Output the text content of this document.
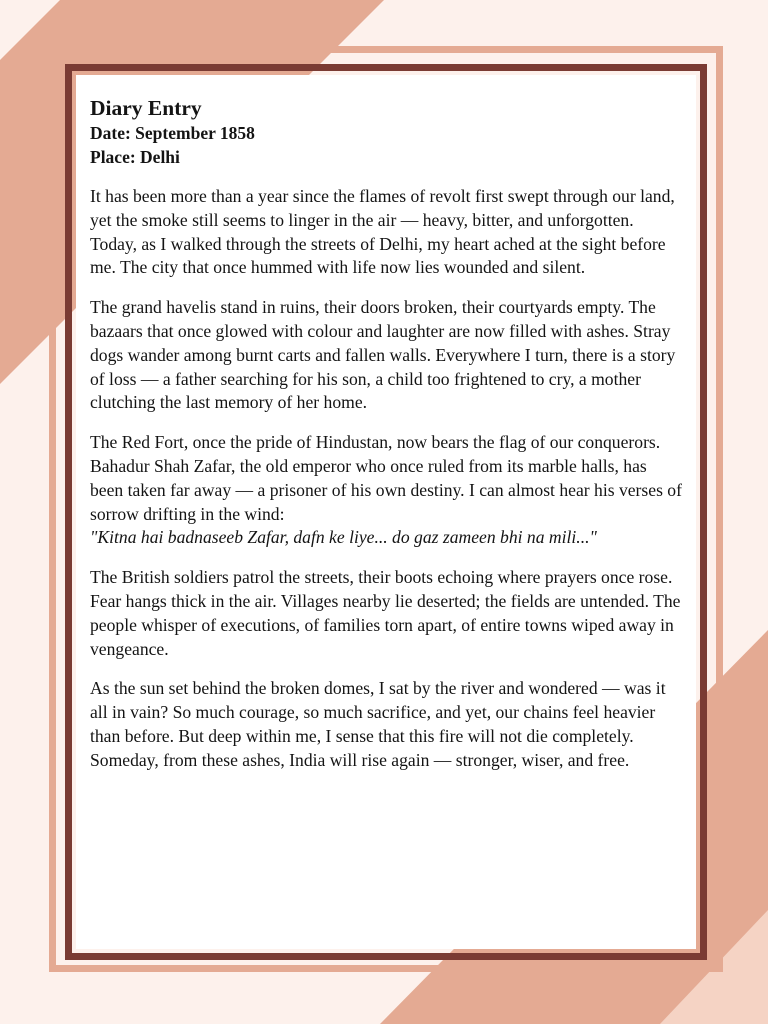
Diary Entry
Date: September 1858
Place: Delhi

It has been more than a year since the flames of revolt first swept through our land, yet the smoke still seems to linger in the air — heavy, bitter, and unforgotten. Today, as I walked through the streets of Delhi, my heart ached at the sight before me. The city that once hummed with life now lies wounded and silent.

The grand havelis stand in ruins, their doors broken, their courtyards empty. The bazaars that once glowed with colour and laughter are now filled with ashes. Stray dogs wander among burnt carts and fallen walls. Everywhere I turn, there is a story of loss — a father searching for his son, a child too frightened to cry, a mother clutching the last memory of her home.

The Red Fort, once the pride of Hindustan, now bears the flag of our conquerors. Bahadur Shah Zafar, the old emperor who once ruled from its marble halls, has been taken far away — a prisoner of his own destiny. I can almost hear his verses of sorrow drifting in the wind:
"Kitna hai badnaseeb Zafar, dafn ke liye... do gaz zameen bhi na mili..."

The British soldiers patrol the streets, their boots echoing where prayers once rose. Fear hangs thick in the air. Villages nearby lie deserted; the fields are untended. The people whisper of executions, of families torn apart, of entire towns wiped away in vengeance.

As the sun set behind the broken domes, I sat by the river and wondered — was it all in vain? So much courage, so much sacrifice, and yet, our chains feel heavier than before. But deep within me, I sense that this fire will not die completely. Someday, from these ashes, India will rise again — stronger, wiser, and free.
